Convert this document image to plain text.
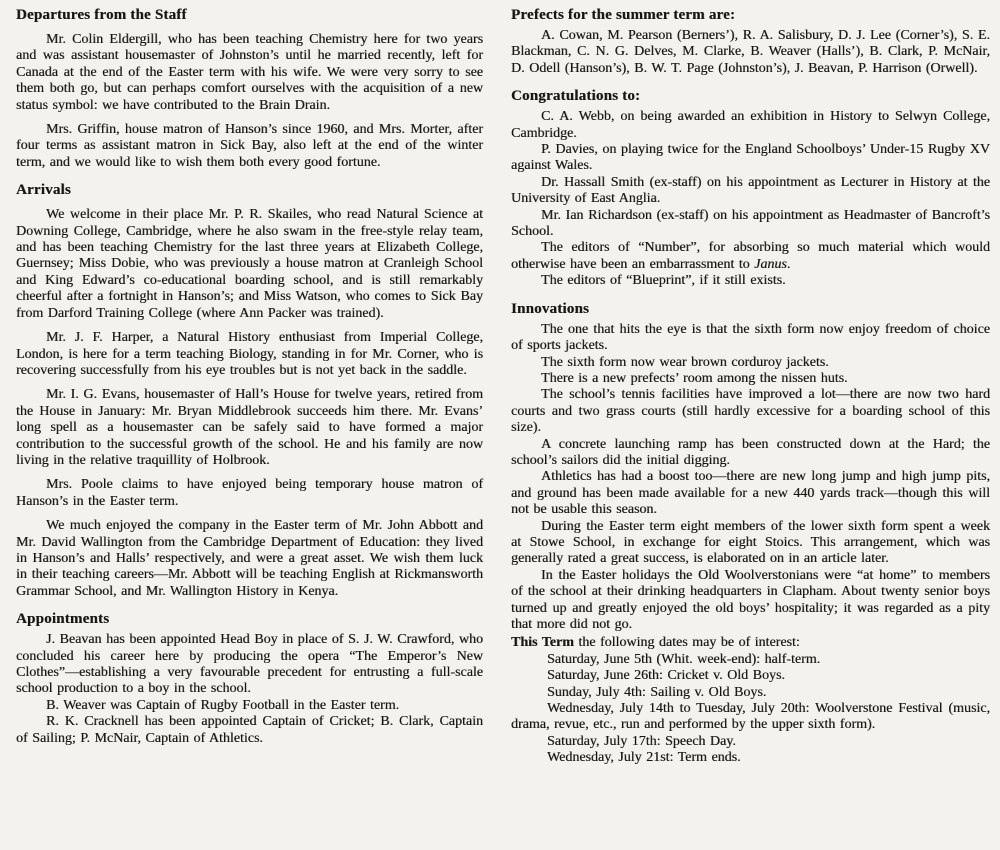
Departures from the Staff

Mr. Colin Eldergill, who has been teaching Chemistry here for two years and was assistant housemaster of Johnston’s until he married recently, left for Canada at the end of the Easter term with his wife. We were very sorry to see them both go, but can perhaps comfort ourselves with the acquisition of a new status symbol: we have contributed to the Brain Drain.

Mrs. Griffin, house matron of Hanson’s since 1960, and Mrs. Morter, after four terms as assistant matron in Sick Bay, also left at the end of the winter term, and we would like to wish them both every good fortune.

Arrivals

We welcome in their place Mr. P. R. Skailes, who read Natural Science at Downing College, Cambridge, where he also swam in the free-style relay team, and has been teaching Chemistry for the last three years at Elizabeth College, Guernsey; Miss Dobie, who was previously a house matron at Cranleigh School and King Edward’s co-educational boarding school, and is still remarkably cheerful after a fortnight in Hanson’s; and Miss Watson, who comes to Sick Bay from Darford Training College (where Ann Packer was trained).

Mr. J. F. Harper, a Natural History enthusiast from Imperial College, London, is here for a term teaching Biology, standing in for Mr. Corner, who is recovering successfully from his eye troubles but is not yet back in the saddle.

Mr. I. G. Evans, housemaster of Hall’s House for twelve years, retired from the House in January: Mr. Bryan Middlebrook succeeds him there. Mr. Evans’ long spell as a housemaster can be safely said to have formed a major contribution to the successful growth of the school. He and his family are now living in the relative traquillity of Holbrook.

Mrs. Poole claims to have enjoyed being temporary house matron of Hanson’s in the Easter term.

We much enjoyed the company in the Easter term of Mr. John Abbott and Mr. David Wallington from the Cambridge Department of Education: they lived in Hanson’s and Halls’ respectively, and were a great asset. We wish them luck in their teaching careers—Mr. Abbott will be teaching English at Rickmansworth Grammar School, and Mr. Wallington History in Kenya.

Appointments

J. Beavan has been appointed Head Boy in place of S. J. W. Crawford, who concluded his career here by producing the opera “The Emperor’s New Clothes”—establishing a very favourable precedent for entrusting a full-scale school production to a boy in the school.

B. Weaver was Captain of Rugby Football in the Easter term.

R. K. Cracknell has been appointed Captain of Cricket; B. Clark, Captain of Sailing; P. McNair, Captain of Athletics.

Prefects for the summer term are:

A. Cowan, M. Pearson (Berners’), R. A. Salisbury, D. J. Lee (Corner’s), S. E. Blackman, C. N. G. Delves, M. Clarke, B. Weaver (Halls’), B. Clark, P. McNair, D. Odell (Hanson’s), B. W. T. Page (Johnston’s), J. Beavan, P. Harrison (Orwell).

Congratulations to:

C. A. Webb, on being awarded an exhibition in History to Selwyn College, Cambridge.

P. Davies, on playing twice for the England Schoolboys’ Under-15 Rugby XV against Wales.

Dr. Hassall Smith (ex-staff) on his appointment as Lecturer in History at the University of East Anglia.

Mr. Ian Richardson (ex-staff) on his appointment as Headmaster of Bancroft’s School.

The editors of “Number”, for absorbing so much material which would otherwise have been an embarrassment to Janus.

The editors of “Blueprint”, if it still exists.

Innovations

The one that hits the eye is that the sixth form now enjoy freedom of choice of sports jackets.

The sixth form now wear brown corduroy jackets.

There is a new prefects’ room among the nissen huts.

The school’s tennis facilities have improved a lot—there are now two hard courts and two grass courts (still hardly excessive for a boarding school of this size).

A concrete launching ramp has been constructed down at the Hard; the school’s sailors did the initial digging.

Athletics has had a boost too—there are new long jump and high jump pits, and ground has been made available for a new 440 yards track—though this will not be usable this season.

During the Easter term eight members of the lower sixth form spent a week at Stowe School, in exchange for eight Stoics. This arrangement, which was generally rated a great success, is elaborated on in an article later.

In the Easter holidays the Old Woolverstonians were “at home” to members of the school at their drinking headquarters in Clapham. About twenty senior boys turned up and greatly enjoyed the old boys’ hospitality; it was regarded as a pity that more did not go.

This Term the following dates may be of interest:

Saturday, June 5th (Whit. week-end): half-term.

Saturday, June 26th: Cricket v. Old Boys.

Sunday, July 4th: Sailing v. Old Boys.

Wednesday, July 14th to Tuesday, July 20th: Woolverstone Festival (music, drama, revue, etc., run and performed by the upper sixth form).

Saturday, July 17th: Speech Day.

Wednesday, July 21st: Term ends.
